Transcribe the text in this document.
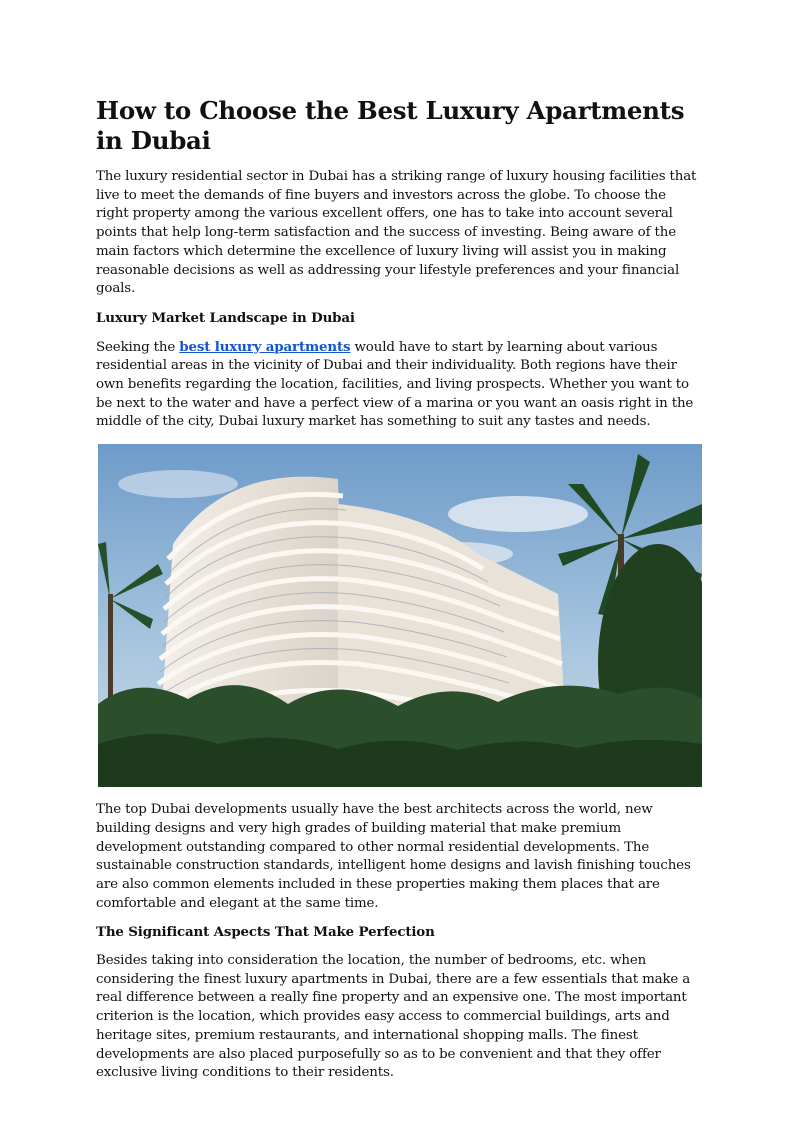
How to Choose the Best Luxury Apartments in Dubai

The luxury residential sector in Dubai has a striking range of luxury housing facilities that live to meet the demands of fine buyers and investors across the globe. To choose the right property among the various excellent offers, one has to take into account several points that help long-term satisfaction and the success of investing. Being aware of the main factors which determine the excellence of luxury living will assist you in making reasonable decisions as well as addressing your lifestyle preferences and your financial goals.

Luxury Market Landscape in Dubai

Seeking the best luxury apartments would have to start by learning about various residential areas in the vicinity of Dubai and their individuality. Both regions have their own benefits regarding the location, facilities, and living prospects. Whether you want to be next to the water and have a perfect view of a marina or you want an oasis right in the middle of the city, Dubai luxury market has something to suit any tastes and needs.

The top Dubai developments usually have the best architects across the world, new building designs and very high grades of building material that make premium development outstanding compared to other normal residential developments. The sustainable construction standards, intelligent home designs and lavish finishing touches are also common elements included in these properties making them places that are comfortable and elegant at the same time.

The Significant Aspects That Make Perfection

Besides taking into consideration the location, the number of bedrooms, etc. when considering the finest luxury apartments in Dubai, there are a few essentials that make a real difference between a really fine property and an expensive one. The most important criterion is the location, which provides easy access to commercial buildings, arts and heritage sites, premium restaurants, and international shopping malls. The finest developments are also placed purposefully so as to be convenient and that they offer exclusive living conditions to their residents.
